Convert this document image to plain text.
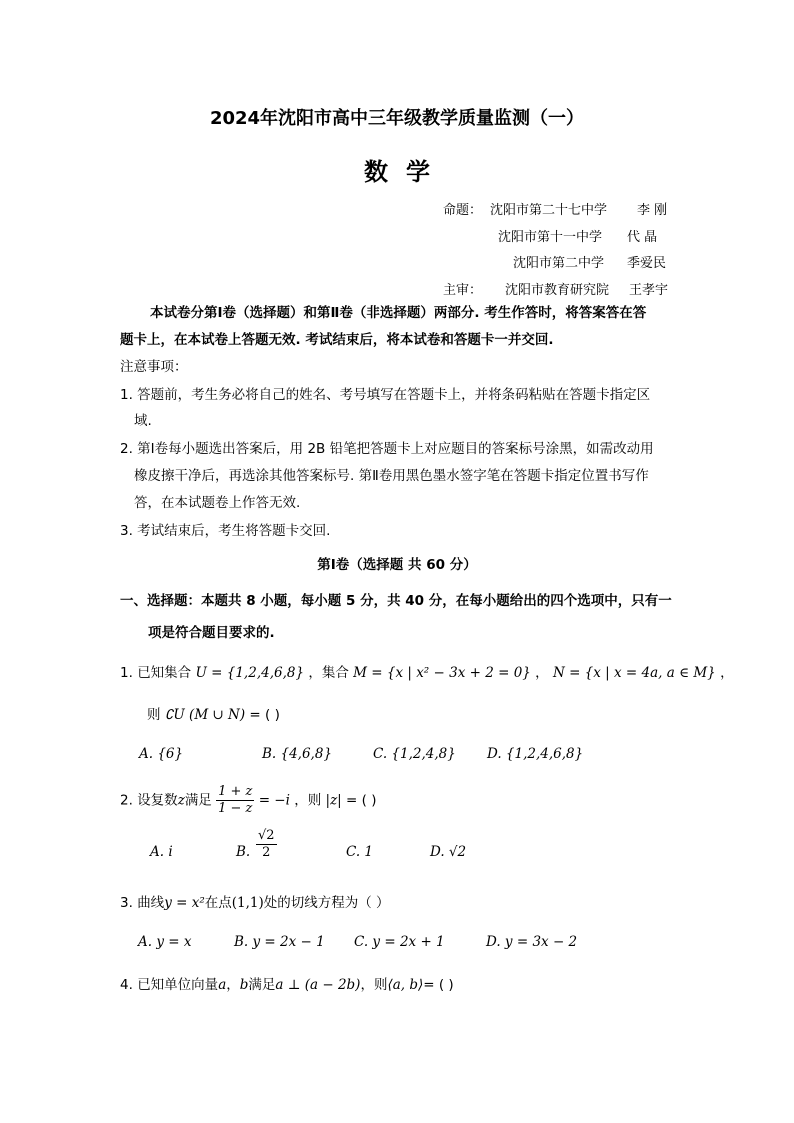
2024年沈阳市高中三年级教学质量监测（一）
数学
命题： 沈阳市第二十七中学 李 刚
沈阳市第十一中学 代 晶
沈阳市第二中学 季爱民
主审： 沈阳市教育研究院 王孝宇
本试卷分第Ⅰ卷（选择题）和第Ⅱ卷（非选择题）两部分. 考生作答时，将答案答在答
题卡上，在本试卷上答题无效. 考试结束后，将本试卷和答题卡一并交回.
注意事项：
1. 答题前，考生务必将自己的姓名、考号填写在答题卡上，并将条码粘贴在答题卡指定区
域.
2. 第Ⅰ卷每小题选出答案后，用 2B 铅笔把答题卡上对应题目的答案标号涂黑，如需改动用
橡皮擦干净后，再选涂其他答案标号. 第Ⅱ卷用黑色墨水签字笔在答题卡指定位置书写作
答，在本试题卷上作答无效.
3. 考试结束后，考生将答题卡交回.
第Ⅰ卷（选择题 共 60 分）
一、选择题：本题共 8 小题，每小题 5 分，共 40 分，在每小题给出的四个选项中，只有一
项是符合题目要求的.
1. 已知集合 U = {1,2,4,6,8} ，集合 M = {x | x² − 3x + 2 = 0} ， N = {x | x = 4a, a ∈ M} ，
则 ∁U (M ∪ N) = ( )
A. {6}	B. {4,6,8}	C. {1,2,4,8} D. {1,2,4,6,8}
2. 设复数z满足 $\frac{1 + z}{1 - z} = -i$ ，则 |z| = ( )
A. i	B. $\frac{√2}{2}$	C. 1	D. √2
3. 曲线y = x²在点(1,1)处的切线方程为（ ）
A. y = x	B. y = 2x − 1 C. y = 2x + 1	D. y = 3x − 2
4. 已知单位向量a，b满足a ⊥ (a − 2b)，则⟨a, b⟩= ( )
